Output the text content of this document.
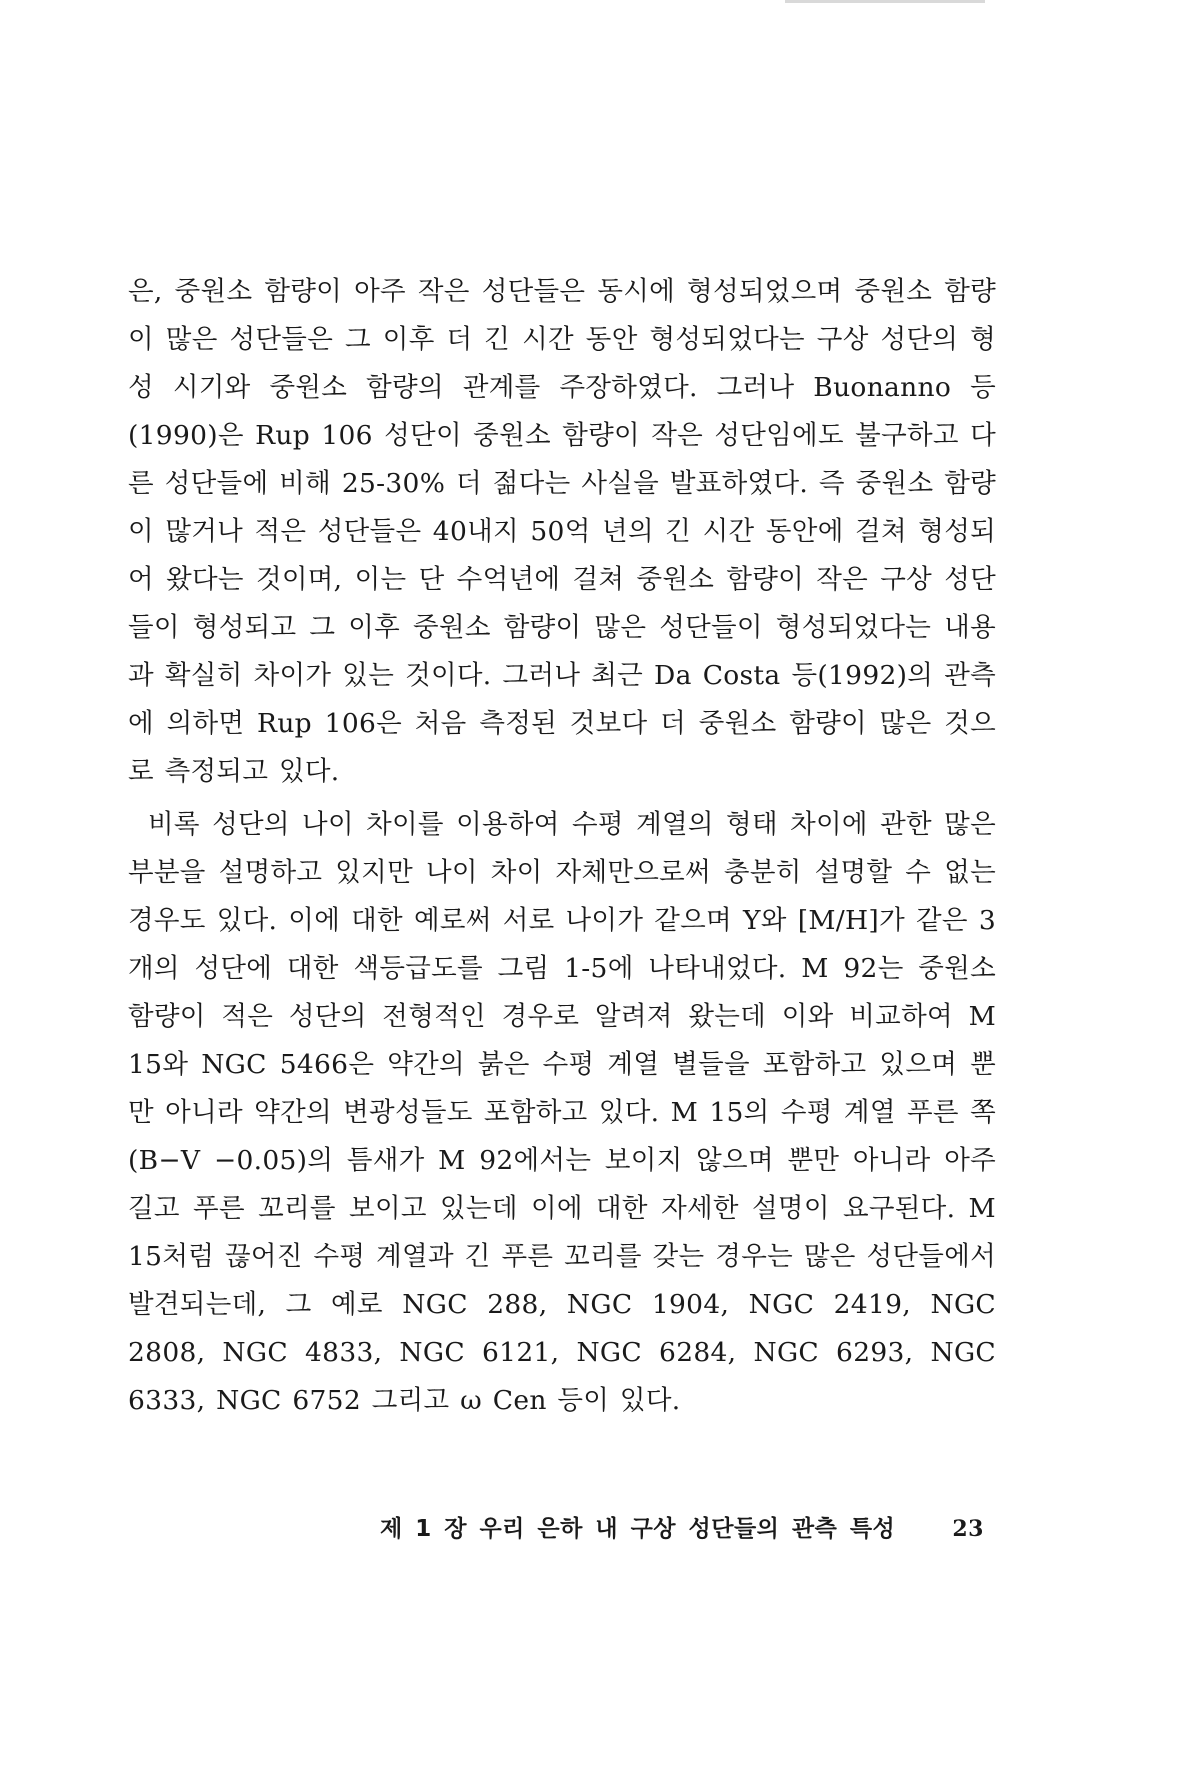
은, 중원소 함량이 아주 작은 성단들은 동시에 형성되었으며 중원소 함량이 많은 성단들은 그 이후 더 긴 시간 동안 형성되었다는 구상 성단의 형성 시기와 중원소 함량의 관계를 주장하였다. 그러나 Buonanno 등(1990)은 Rup 106 성단이 중원소 함량이 작은 성단임에도 불구하고 다른 성단들에 비해 25-30% 더 젊다는 사실을 발표하였다. 즉 중원소 함량이 많거나 적은 성단들은 40내지 50억 년의 긴 시간 동안에 걸쳐 형성되어 왔다는 것이며, 이는 단 수억년에 걸쳐 중원소 함량이 작은 구상 성단들이 형성되고 그 이후 중원소 함량이 많은 성단들이 형성되었다는 내용과 확실히 차이가 있는 것이다. 그러나 최근 Da Costa 등(1992)의 관측에 의하면 Rup 106은 처음 측정된 것보다 더 중원소 함량이 많은 것으로 측정되고 있다.

비록 성단의 나이 차이를 이용하여 수평 계열의 형태 차이에 관한 많은 부분을 설명하고 있지만 나이 차이 자체만으로써 충분히 설명할 수 없는 경우도 있다. 이에 대한 예로써 서로 나이가 같으며 Y와 [M/H]가 같은 3개의 성단에 대한 색등급도를 그림 1-5에 나타내었다. M 92는 중원소 함량이 적은 성단의 전형적인 경우로 알려져 왔는데 이와 비교하여 M 15와 NGC 5466은 약간의 붉은 수평 계열 별들을 포함하고 있으며 뿐만 아니라 약간의 변광성들도 포함하고 있다. M 15의 수평 계열 푸른 쪽(B−V −0.05)의 틈새가 M 92에서는 보이지 않으며 뿐만 아니라 아주 길고 푸른 꼬리를 보이고 있는데 이에 대한 자세한 설명이 요구된다. M 15처럼 끊어진 수평 계열과 긴 푸른 꼬리를 갖는 경우는 많은 성단들에서 발견되는데, 그 예로 NGC 288, NGC 1904, NGC 2419, NGC 2808, NGC 4833, NGC 6121, NGC 6284, NGC 6293, NGC 6333, NGC 6752 그리고 ω Cen 등이 있다.

제 1 장 우리 은하 내 구상 성단들의 관측 특성	23
